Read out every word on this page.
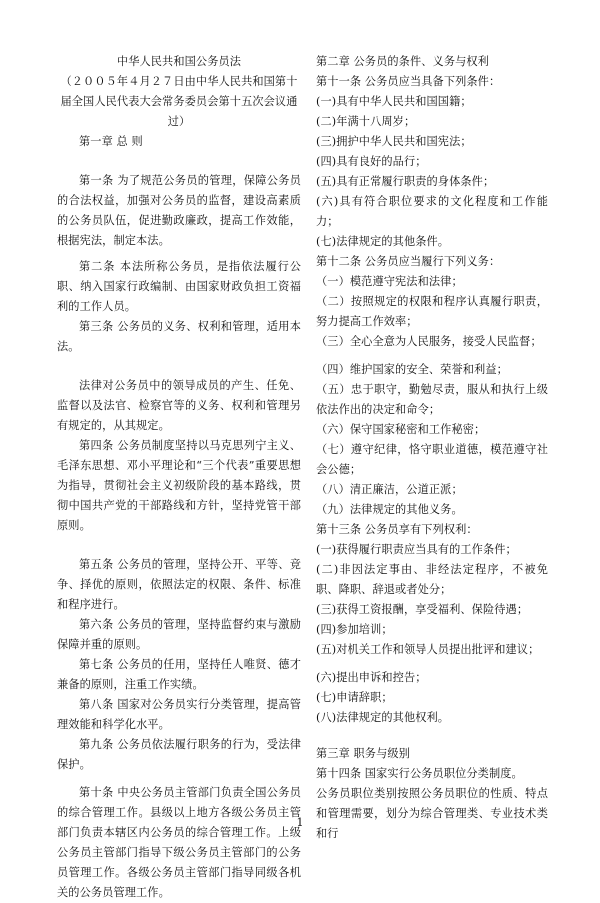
中华人民共和国公务员法

（２００５年４月２７日由中华人民共和国第十届全国人民代表大会常务委员会第十五次会议通过）

第一章 总 则

第一条 为了规范公务员的管理，保障公务员的合法权益，加强对公务员的监督，建设高素质的公务员队伍，促进勤政廉政，提高工作效能，根据宪法，制定本法。

第二条 本法所称公务员，是指依法履行公职、纳入国家行政编制、由国家财政负担工资福利的工作人员。

第三条 公务员的义务、权利和管理，适用本法。

法律对公务员中的领导成员的产生、任免、监督以及法官、检察官等的义务、权利和管理另有规定的，从其规定。

第四条 公务员制度坚持以马克思列宁主义、毛泽东思想、邓小平理论和“三个代表”重要思想为指导，贯彻社会主义初级阶段的基本路线，贯彻中国共产党的干部路线和方针，坚持党管干部原则。

第五条 公务员的管理，坚持公开、平等、竞争、择优的原则，依照法定的权限、条件、标准和程序进行。

第六条 公务员的管理，坚持监督约束与激励保障并重的原则。

第七条 公务员的任用，坚持任人唯贤、德才兼备的原则，注重工作实绩。

第八条 国家对公务员实行分类管理，提高管理效能和科学化水平。

第九条 公务员依法履行职务的行为，受法律保护。

第十条 中央公务员主管部门负责全国公务员的综合管理工作。县级以上地方各级公务员主管部门负责本辖区内公务员的综合管理工作。上级公务员主管部门指导下级公务员主管部门的公务员管理工作。各级公务员主管部门指导同级各机关的公务员管理工作。

第二章 公务员的条件、义务与权利

第十一条 公务员应当具备下列条件：

(一)具有中华人民共和国国籍；

(二)年满十八周岁；

(三)拥护中华人民共和国宪法；

(四)具有良好的品行；

(五)具有正常履行职责的身体条件；

(六)具有符合职位要求的文化程度和工作能力；

(七)法律规定的其他条件。

第十二条 公务员应当履行下列义务：

（一）模范遵守宪法和法律；

（二）按照规定的权限和程序认真履行职责，努力提高工作效率；

（三）全心全意为人民服务，接受人民监督；

（四）维护国家的安全、荣誉和利益；

（五）忠于职守，勤勉尽责，服从和执行上级依法作出的决定和命令；

（六）保守国家秘密和工作秘密；

（七）遵守纪律，恪守职业道德，模范遵守社会公德；

（八）清正廉洁，公道正派；

（九）法律规定的其他义务。

第十三条 公务员享有下列权利：

(一)获得履行职责应当具有的工作条件；

(二)非因法定事由、非经法定程序，不被免职、降职、辞退或者处分；

(三)获得工资报酬，享受福利、保险待遇；

(四)参加培训；

(五)对机关工作和领导人员提出批评和建议；

(六)提出申诉和控告；

(七)申请辞职；

(八)法律规定的其他权利。

第三章 职务与级别

第十四条 国家实行公务员职位分类制度。

公务员职位类别按照公务员职位的性质、特点和管理需要，划分为综合管理类、专业技术类和行

1
